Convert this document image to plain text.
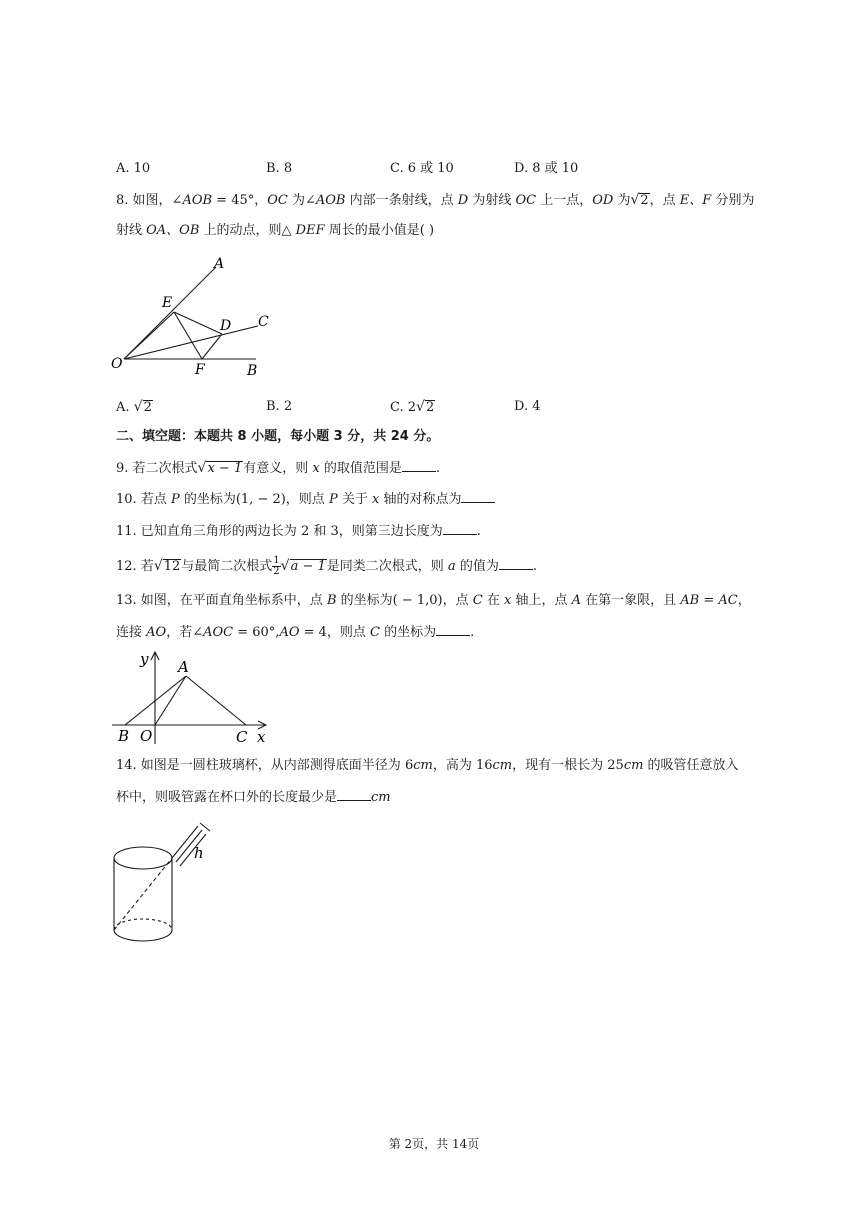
A. 10	B. 8	C. 6 或 10	D. 8 或 10
8. 如图，∠AOB = 45°，OC 为∠AOB 内部一条射线，点 D 为射线 OC 上一点，OD 为√2，点 E、F 分别为
射线 OA、OB 上的动点，则△ DEF 周长的最小值是( )
A
E
D C
O	F	B
A. √2	B. 2	C. 2√2	D. 4
二、填空题：本题共 8 小题，每小题 3 分，共 24 分。
9. 若二次根式√x − 1有意义，则 x 的取值范围是	.
10. 若点 P 的坐标为(1, − 2)，则点 P 关于 x 轴的对称点为
11. 已知直角三角形的两边长为 2 和 3，则第三边长度为	.
12. 若√12与最简二次根式 $\frac{1}{2} √a - 1$是同类二次根式，则 a 的值为	.
13. 如图，在平面直角坐标系中，点 B 的坐标为( − 1,0)，点 C 在 x 轴上，点 A 在第一象限，且 AB = AC，
连接 AO，若∠AOC = 60°,AO = 4，则点 C 的坐标为	.
y A
B O	C x
14. 如图是一圆柱玻璃杯，从内部测得底面半径为 6cm，高为 16cm，现有一根长为 25cm 的吸管任意放入
杯中，则吸管露在杯口外的长度最少是	cm
h
第 2页，共 14页
